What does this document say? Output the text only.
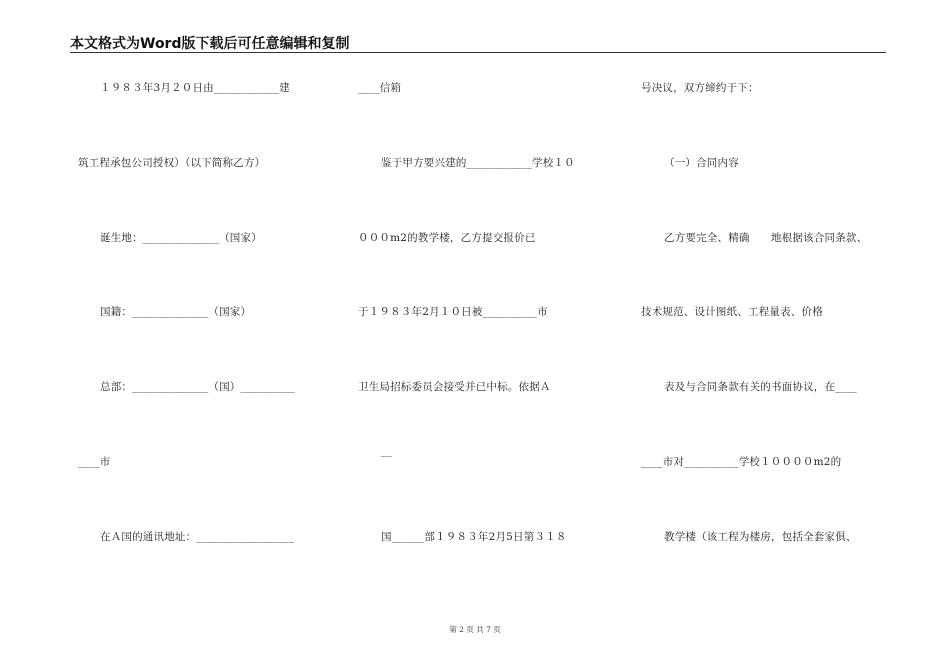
本文格式为Word版下载后可任意编辑和复制
１９８３年3月２０日由____________建
筑工程承包公司授权）（以下简称乙方）
诞生地：______________（国家）
国籍：______________（国家）
总部：______________（国）__________
____市
在Ａ国的通讯地址：__________________
____信箱
鉴于甲方要兴建的____________学校１０
０００m2的教学楼，乙方提交报价已
于１９８３年2月１０日被__________市
卫生局招标委员会接受并已中标。依据Ａ
__
国______部１９８３年2月5日第３１８
号决议，双方缔约于下：
（一）合同内容
乙方要完全、精确　　地根据该合同条款、
技术规范、设计图纸、工程量表、价格
表及与合同条款有关的书面协议，在____
____市对__________学校１００００m2的
教学楼（该工程为楼房，包括全套家俱、
第 2 页 共 7 页
